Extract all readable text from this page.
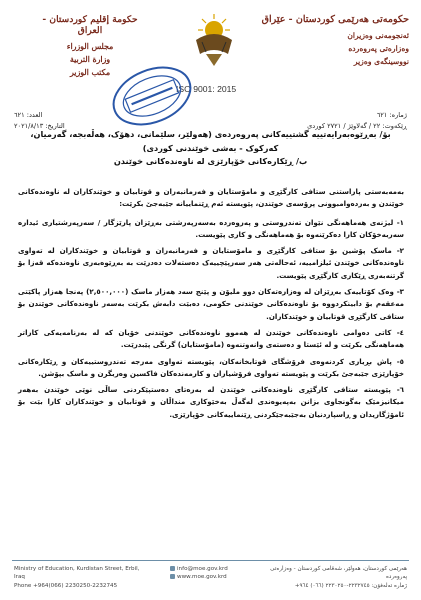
حکومەتی هەرێمی کوردستان - عێراق
ئەنجومەنی وەزیران
وەزارەتی پەروەردە
نووسینگەی وەزیر
ISO 9001: 2015
حكومة إقليم كوردستان - العراق
مجلس الوزراء
وزارة التربية
مكتب الوزير
ژمارە: ٦٢١
ڕێکەوت: ٢٢ / گەلاوێژ / ٢٧٢١ کوردی
العدد: ٦٢١
التاريخ: ٢٠٢١/٨/١٣
بۆ/ بەڕێوەبەرایەتییە گشتییەکانی پەروەردەی (هەولێر، سلێمانی، دهۆک، هەڵەبجە، گەرمیان،
کەرکوک - بەشی خوێندنی کوردی)
ب/ ڕێکارەکانی خۆپارێزی لە ناوەندەکانی خوێندن

بەمەبەستی پاراستنی ستافی کارگێڕی و مامۆستایان و فەرمانبەران و قوتابیان و خوێندکاران لە ناوەندەکانی خوێندن و بەردەوامبوونی پرۆسەی خوێندن، پێویستە ئەم ڕێنماییانە جێبەجێ بکرێت:

١- لیژنەی هەماهەنگی نێوان تەندروستی و پەروەردە بەسەرپەرشتی بەڕێزان پارێزگار / سەرپەرشتیاری ئیدارە سەربەخۆکان کارا دەکرێنەوە بۆ هەماهەنگی و کاری پێویست.

٢- ماسک پۆشین بۆ ستافی کارگێڕی و مامۆستایان و فەرمانبەران و قوتابیان و خوێندکاران لە تەواوی ناوەندەکانی خوێندن ئیلزامییە، ئەحالەتی هەر سەرپێچییەک دەستەلات دەدرێت بە بەڕێوەبەری ناوەندەکە قەزا بۆ گرتنەبەری ڕێکاری کارگێڕی پێویست.

٣- وەک کۆتاییەک بەڕێزان لە وەزارەتەکان دوو ملیۆن و پێنج سەد هەزار ماسک (٢,٥٠٠,٠٠٠) پەنجا هەزار پاکێتی مەعقەم بۆ دابینکردووە بۆ ناوەندەکانی خوێندنی حکومی، دەبێت دابەش بکرێت بەسەر ناوەندەکانی خوێندن بۆ ستافی کارگێڕی قوتابیان و خوێندکاران.

٤- کاتی دەوامی ناوەندەکانی خوێندن لە هەموو ناوەندەکانی خوێندنی خۆیان کە لە بەرنامەیەکی کاراتر هەماهەنگی بکرێت و لە ئێستا و دەستەی وانەوتنەوە (مامۆستایان) گرنگی پێبدرێت.

٥- پاش بڕیاری کردنەوەی فرۆشگای قوتابخانەکان، پێویستە تەواوی مەرجە تەندروستییەکان و ڕێکارەکانی خۆپارێزی جێبەجێ بکرێت و پێویستە تەواوی فرۆشیاران و کارمەندەکان فاکسین وەربگرن و ماسک بپۆشن.

٦- پێویستە ستافی کارگێڕی ناوەندەکانی خوێندن لە بەرەتای دەستپێکردنی ساڵی نوێی خوێندن بەهەر میکانیزمێک بەگونجاوی بزانن بەپەیوەندی لەگەڵ بەخێوکاری منداڵان و قوتابیان و خوێندکاران کارا بێت بۆ ئامۆژگاریدان و ڕاسپاردنیان بەجێبەجێکردنی ڕێنماییەکانی خۆپارێزی.

Ministry of Education, Kurdistan Street, Erbil, Iraq
Phone +964(066) 2230250-2232745
info@moe.gov.krd
www.moe.gov.krd
هەرێمی کوردستان، هەولێر، شەقامی کوردستان - وەزارەتی پەروەردە
ژمارە تەلەفۆن: ٢٢٣٢٧٤٥-٢٢٣٠٢٥٠ (٠٦٦) ٩٦٤+
